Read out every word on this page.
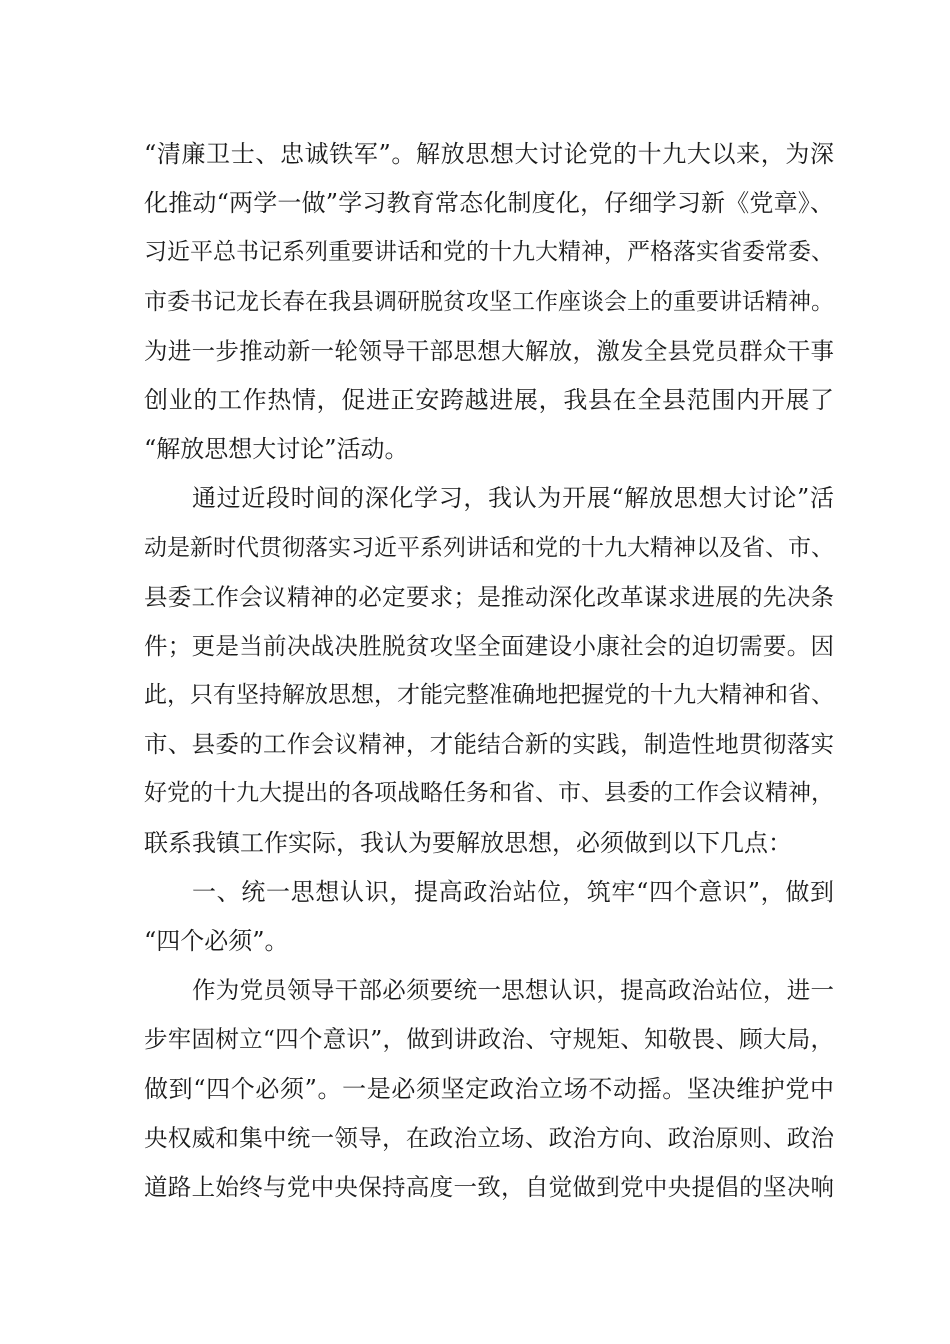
“清廉卫士、忠诚铁军”。解放思想大讨论党的十九大以来，为深
化推动“两学一做”学习教育常态化制度化，仔细学习新《党章》、
习近平总书记系列重要讲话和党的十九大精神，严格落实省委常委、
市委书记龙长春在我县调研脱贫攻坚工作座谈会上的重要讲话精神。
为进一步推动新一轮领导干部思想大解放，激发全县党员群众干事
创业的工作热情，促进正安跨越进展，我县在全县范围内开展了
“解放思想大讨论”活动。
通过近段时间的深化学习，我认为开展“解放思想大讨论”活
动是新时代贯彻落实习近平系列讲话和党的十九大精神以及省、市、
县委工作会议精神的必定要求；是推动深化改革谋求进展的先决条
件；更是当前决战决胜脱贫攻坚全面建设小康社会的迫切需要。因
此，只有坚持解放思想，才能完整准确地把握党的十九大精神和省、
市、县委的工作会议精神，才能结合新的实践，制造性地贯彻落实
好党的十九大提出的各项战略任务和省、市、县委的工作会议精神，
联系我镇工作实际，我认为要解放思想，必须做到以下几点：
一、统一思想认识，提高政治站位，筑牢“四个意识”，做到
“四个必须”。
作为党员领导干部必须要统一思想认识，提高政治站位，进一
步牢固树立“四个意识”，做到讲政治、守规矩、知敬畏、顾大局，
做到“四个必须”。一是必须坚定政治立场不动摇。坚决维护党中
央权威和集中统一领导，在政治立场、政治方向、政治原则、政治
道路上始终与党中央保持高度一致，自觉做到党中央提倡的坚决响
